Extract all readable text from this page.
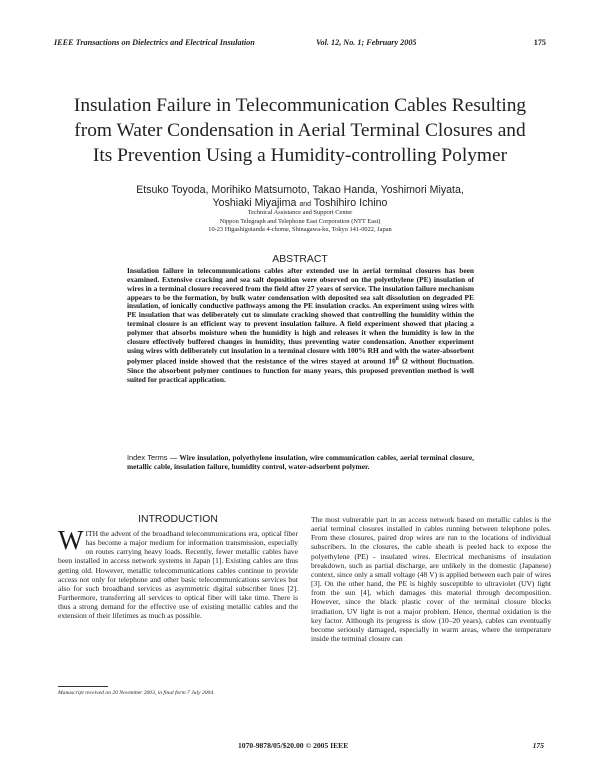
IEEE Transactions on Dielectrics and Electrical Insulation	Vol. 12, No. 1; February 2005	175
Insulation Failure in Telecommunication Cables Resulting
from Water Condensation in Aerial Terminal Closures and
Its Prevention Using a Humidity-controlling Polymer
Etsuko Toyoda, Morihiko Matsumoto, Takao Handa, Yoshimori Miyata,
Yoshiaki Miyajima and Toshihiro Ichino
Technical Assistance and Support Center
Nippon Telegraph and Telephone East Corporation (NTT East)
10-23 Higashigotanda 4-chome, Shinagawa-ku, Tokyo 141-0022, Japan
ABSTRACT
Insulation failure in telecommunications cables after extended use in aerial terminal closures has been examined. Extensive cracking and sea salt deposition were observed on the polyethylene (PE) insulation of wires in a terminal closure recovered from the field after 27 years of service. The insulation failure mechanism appears to be the formation, by bulk water condensation with deposited sea salt dissolution on degraded PE insulation, of ionically conductive pathways among the PE insulation cracks. An experiment using wires with PE insulation that was deliberately cut to simulate cracking showed that controlling the humidity within the terminal closure is an efficient way to prevent insulation failure. A field experiment showed that placing a polymer that absorbs moisture when the humidity is high and releases it when the humidity is low in the closure effectively buffered changes in humidity, thus preventing water condensation. Another experiment using wires with deliberately cut insulation in a terminal closure with 100% RH and with the water-absorbent polymer placed inside showed that the resistance of the wires stayed at around $10^8$ Ω without fluctuation. Since the absorbent polymer continues to function for many years, this proposed prevention method is well suited for practical application.
Index Terms — Wire insulation, polyethylene insulation, wire communication cables, aerial terminal closure, metallic cable, insulation failure, humidity control, water-adsorbent polymer.
INTRODUCTION
WITH the advent of the broadband telecommunications era, optical fiber has become a major medium for information transmission, especially on routes carrying heavy loads. Recently, fewer metallic cables have been installed in access network systems in Japan [1]. Existing cables are thus getting old. However, metallic telecommunications cables continue to provide access not only for telephone and other basic telecommunications services but also for such broadband services as asymmetric digital subscriber lines [2]. Furthermore, transferring all services to optical fiber will take time. There is thus a strong demand for the effective use of existing metallic cables and the extension of their lifetimes as much as possible.
The most vulnerable part in an access network based on metallic cables is the aerial terminal closures installed in cables running between telephone poles. From these closures, paired drop wires are run to the locations of individual subscribers. In the closures, the cable sheath is peeled back to expose the polyethylene (PE) - insulated wires. Electrical mechanisms of insulation breakdown, such as partial discharge, are unlikely in the domestic (Japanese) context, since only a small voltage (48 V) is applied between each pair of wires [3]. On the other hand, the PE is highly susceptible to ultraviolet (UV) light from the sun [4], which damages this material through decomposition. However, since the black plastic cover of the terminal closure blocks irradiation, UV light is not a major problem. Hence, thermal oxidation is the key factor. Although its progress is slow (10–20 years), cables can eventually become seriously damaged, especially in warm areas, where the temperature inside the terminal closure can
Manuscript received on 20 November 2003, in final form 7 July 2004.
1070-9878/05/$20.00 © 2005 IEEE	175
